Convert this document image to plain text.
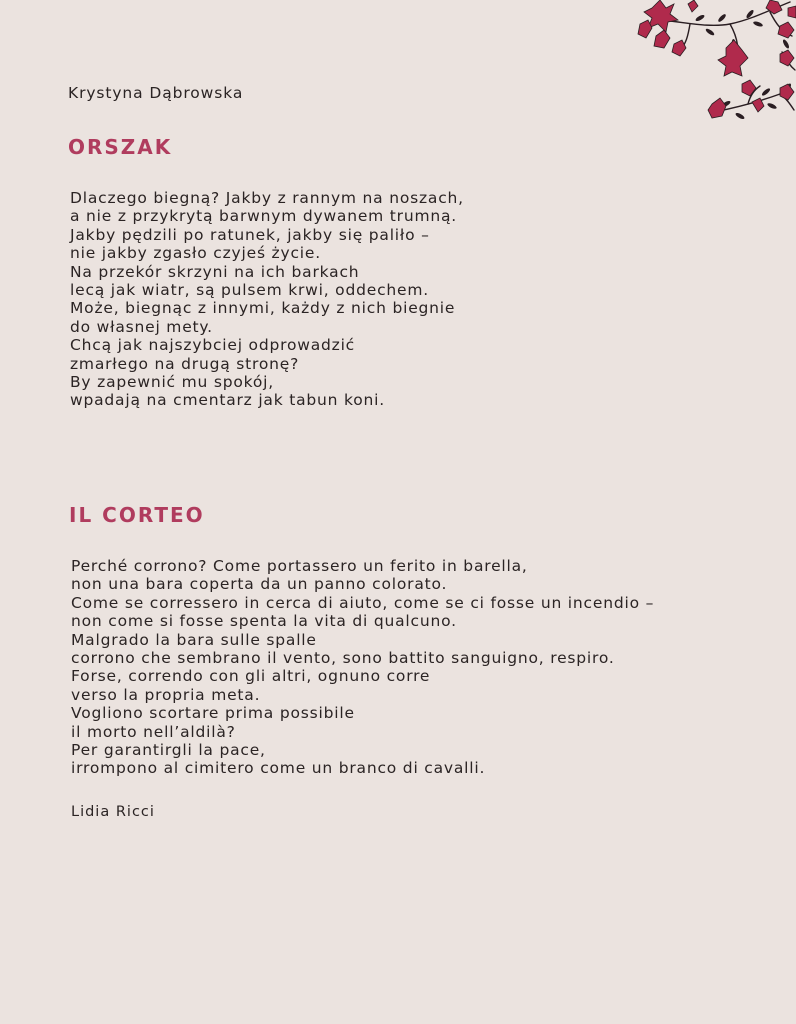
Krystyna Dąbrowska
ORSZAK
Dlaczego biegną? Jakby z rannym na noszach,
a nie z przykrytą barwnym dywanem trumną.
Jakby pędzili po ratunek, jakby się paliło –
nie jakby zgasło czyjeś życie.
Na przekór skrzyni na ich barkach
lecą jak wiatr, są pulsem krwi, oddechem.
Może, biegnąc z innymi, każdy z nich biegnie
do własnej mety.
Chcą jak najszybciej odprowadzić
zmarłego na drugą stronę?
By zapewnić mu spokój,
wpadają na cmentarz jak tabun koni.
IL CORTEO
Perché corrono? Come portassero un ferito in barella,
non una bara coperta da un panno colorato.
Come se corressero in cerca di aiuto, come se ci fosse un incendio –
non come si fosse spenta la vita di qualcuno.
Malgrado la bara sulle spalle
corrono che sembrano il vento, sono battito sanguigno, respiro.
Forse, correndo con gli altri, ognuno corre
verso la propria meta.
Vogliono scortare prima possibile
il morto nell’aldilà?
Per garantirgli la pace,
irrompono al cimitero come un branco di cavalli.
Lidia Ricci
